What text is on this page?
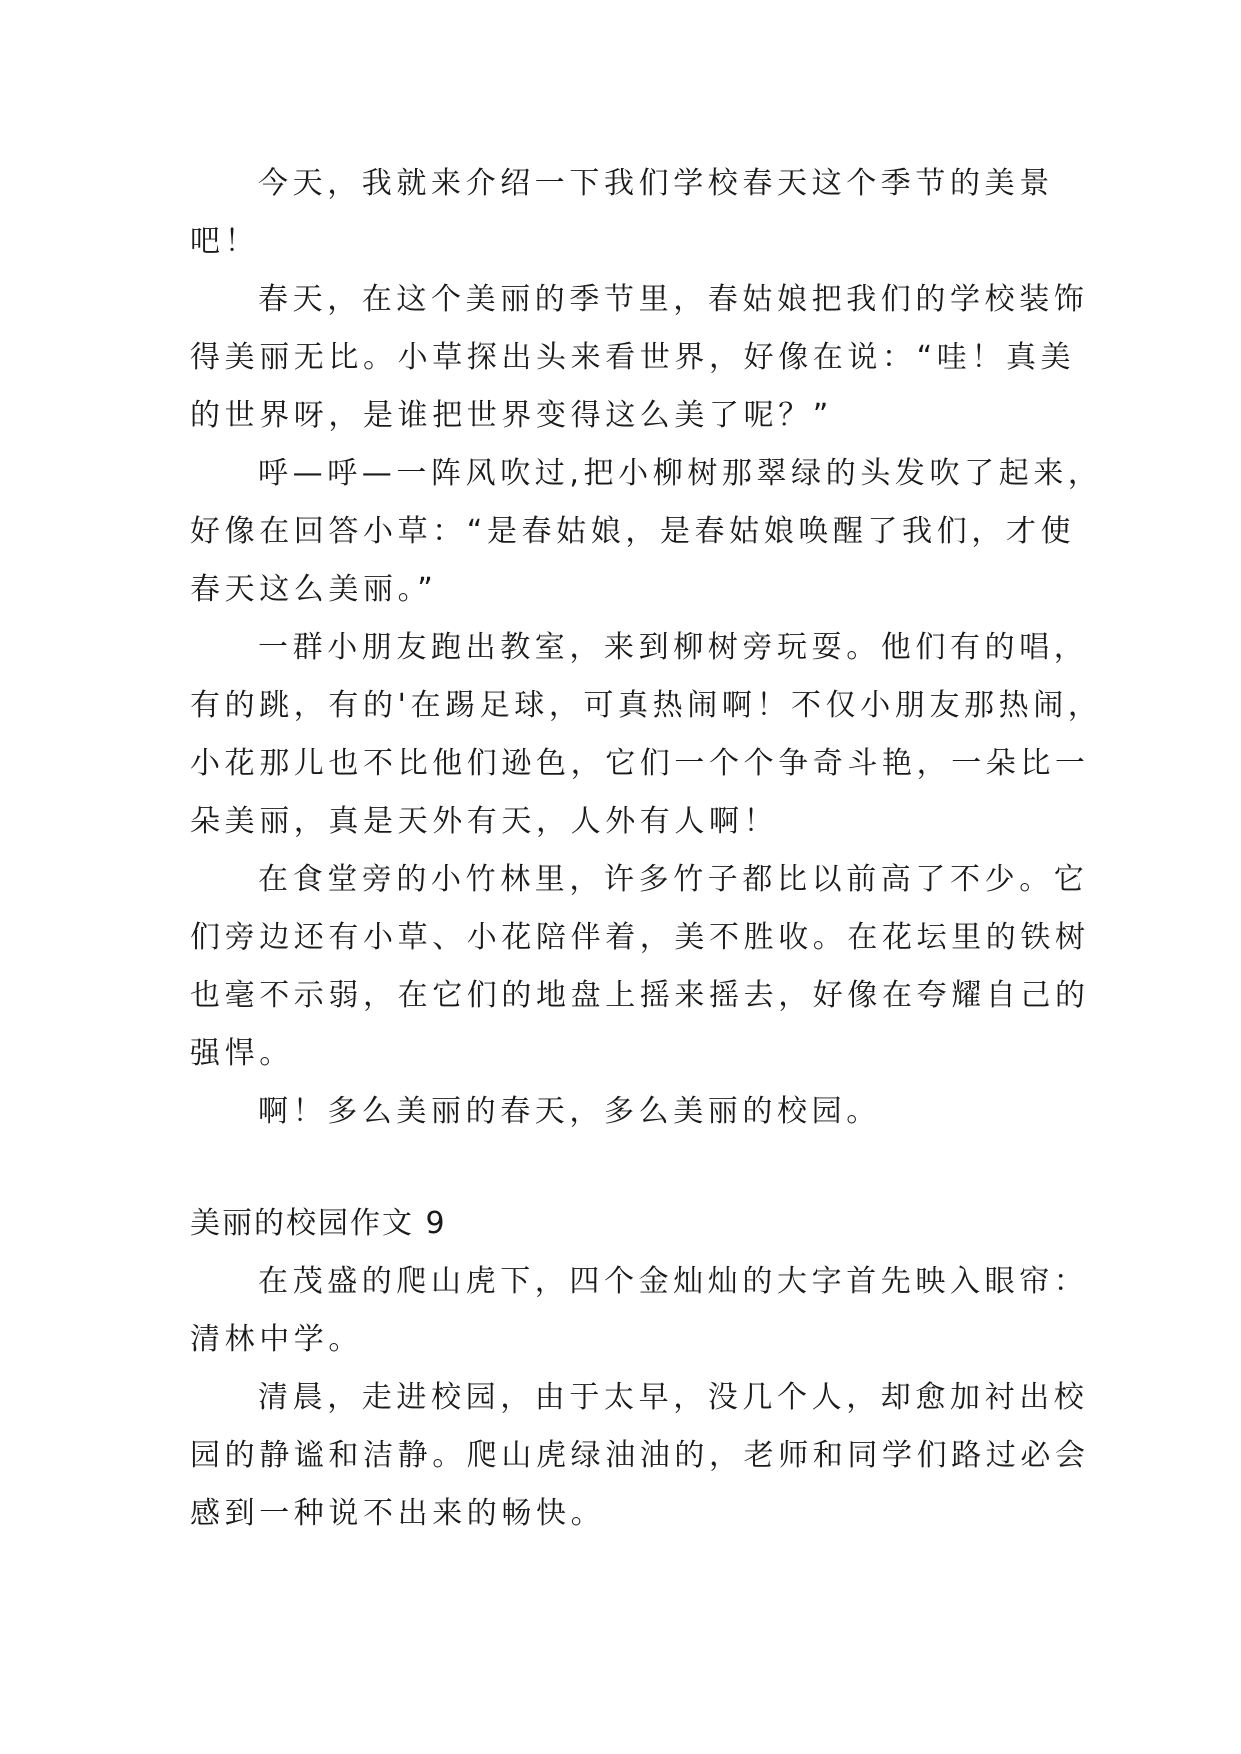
今天，我就来介绍一下我们学校春天这个季节的美景
吧！
春天，在这个美丽的季节里，春姑娘把我们的学校装饰
得美丽无比。小草探出头来看世界，好像在说：“哇！真美
的世界呀，是谁把世界变得这么美了呢？”
呼—呼—一阵风吹过,把小柳树那翠绿的头发吹了起来，
好像在回答小草：“是春姑娘，是春姑娘唤醒了我们，才使
春天这么美丽。”
一群小朋友跑出教室，来到柳树旁玩耍。他们有的唱，
有的跳，有的'在踢足球，可真热闹啊！不仅小朋友那热闹，
小花那儿也不比他们逊色，它们一个个争奇斗艳，一朵比一
朵美丽，真是天外有天，人外有人啊！
在食堂旁的小竹林里，许多竹子都比以前高了不少。它
们旁边还有小草、小花陪伴着，美不胜收。在花坛里的铁树
也毫不示弱，在它们的地盘上摇来摇去，好像在夸耀自己的
强悍。
啊！多么美丽的春天，多么美丽的校园。
美丽的校园作文 9
在茂盛的爬山虎下，四个金灿灿的大字首先映入眼帘：
清林中学。
清晨，走进校园，由于太早，没几个人，却愈加衬出校
园的静谧和洁静。爬山虎绿油油的，老师和同学们路过必会
感到一种说不出来的畅快。
